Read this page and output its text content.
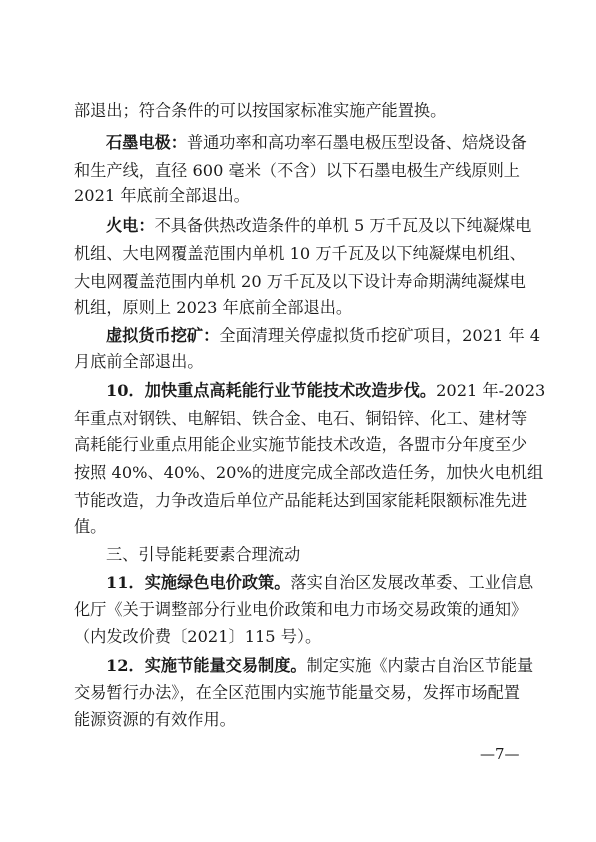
部退出；符合条件的可以按国家标准实施产能置换。
石墨电极：普通功率和高功率石墨电极压型设备、焙烧设备
和生产线，直径 600 毫米（不含）以下石墨电极生产线原则上
2021 年底前全部退出。
火电：不具备供热改造条件的单机 5 万千瓦及以下纯凝煤电
机组、大电网覆盖范围内单机 10 万千瓦及以下纯凝煤电机组、
大电网覆盖范围内单机 20 万千瓦及以下设计寿命期满纯凝煤电
机组，原则上 2023 年底前全部退出。
虚拟货币挖矿：全面清理关停虚拟货币挖矿项目，2021 年 4
月底前全部退出。
10．加快重点高耗能行业节能技术改造步伐。2021 年-2023
年重点对钢铁、电解铝、铁合金、电石、铜铅锌、化工、建材等
高耗能行业重点用能企业实施节能技术改造，各盟市分年度至少
按照 40%、40%、20%的进度完成全部改造任务，加快火电机组
节能改造，力争改造后单位产品能耗达到国家能耗限额标准先进
值。
三、引导能耗要素合理流动
11．实施绿色电价政策。落实自治区发展改革委、工业信息
化厅《关于调整部分行业电价政策和电力市场交易政策的通知》
（内发改价费〔2021〕115 号）。
12．实施节能量交易制度。制定实施《内蒙古自治区节能量
交易暂行办法》，在全区范围内实施节能量交易，发挥市场配置
能源资源的有效作用。
—7—
